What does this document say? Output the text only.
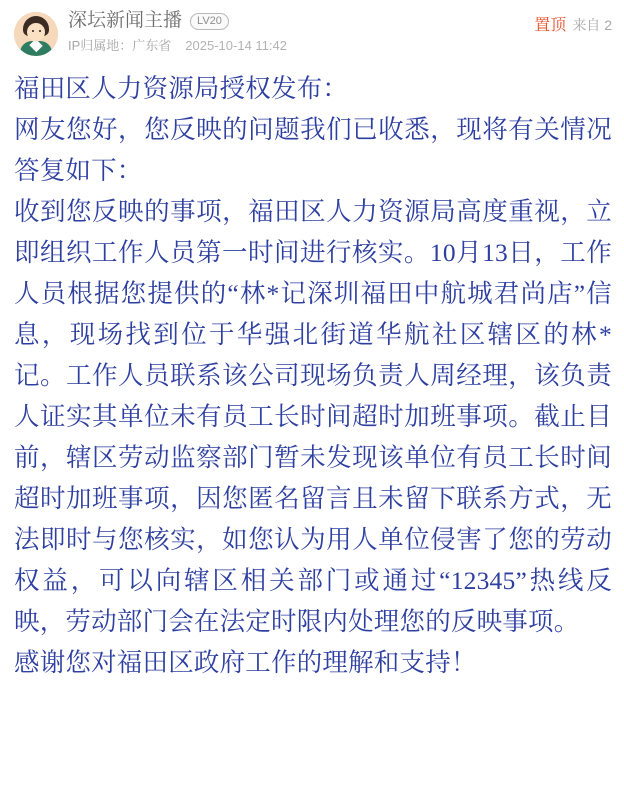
深坛新闻主播	LV20
IP归属地：广东省 2025-10-14 11:42
置顶 来自 2

福田区人力资源局授权发布：

网友您好，您反映的问题我们已收悉，现将有关情况答复如下：

收到您反映的事项，福田区人力资源局高度重视，立即组织工作人员第一时间进行核实。10月13日，工作人员根据您提供的“林*记深圳福田中航城君尚店”信息，现场找到位于华强北街道华航社区辖区的林*记。工作人员联系该公司现场负责人周经理，该负责人证实其单位未有员工长时间超时加班事项。截止目前，辖区劳动监察部门暂未发现该单位有员工长时间超时加班事项，因您匿名留言且未留下联系方式，无法即时与您核实，如您认为用人单位侵害了您的劳动权益，可以向辖区相关部门或通过“12345”热线反映，劳动部门会在法定时限内处理您的反映事项。

感谢您对福田区政府工作的理解和支持！
